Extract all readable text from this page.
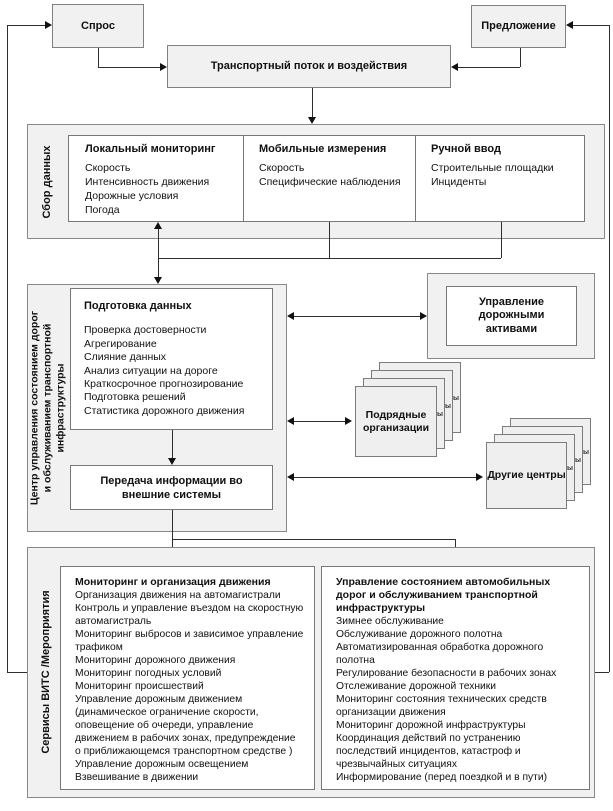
Спрос	Предложение
Транспортный поток и воздействия
Сбор данных	Локальный мониторинг
Скорость
Интенсивность движения
Дорожные условия
Погода
Мобильные измерения
Скорость
Специфические наблюдения
Ручной ввод
Строительные площадки
Инциденты
Центр управления состоянием дорог и обслуживанием транспортной инфраструктуры
Подготовка данных
Проверка достоверности
Агрегирование
Слияние данных
Анализ ситуации на дороге
Краткосрочное прогнозирование
Подготовка решений
Статистика дорожного движения
Передача информации во внешние системы
Управление дорожными активами
ы
ы
ы
Подрядные организации
ы
ы
ы
Другие центры
Сервисы ВИТС /Мероприятия
Мониторинг и организация движения
Организация движения на автомагистрали
Контроль и управление въездом на скоростную автомагистраль
Мониторинг выбросов и зависимое управление трафиком
Мониторинг дорожного движения
Мониторинг погодных условий
Мониторинг происшествий
Управление дорожным движением (динамическое ограничение скорости, оповещение об очереди, управление движением в рабочих зонах, предупреждение о приближающемся транспортном средстве )
Управление дорожным освещением
Взвешивание в движении
Управление состоянием автомобильных дорог и обслуживанием транспортной инфраструктуры
Зимнее обслуживание
Обслуживание дорожного полотна
Автоматизированная обработка дорожного полотна
Регулирование безопасности в рабочих зонах
Отслеживание дорожной техники
Мониторинг состояния технических средств организации движения
Мониторинг дорожной инфраструктуры
Координация действий по устранению последствий инцидентов, катастроф и чрезвычайных ситуациях
Информирование (перед поездкой и в пути)
